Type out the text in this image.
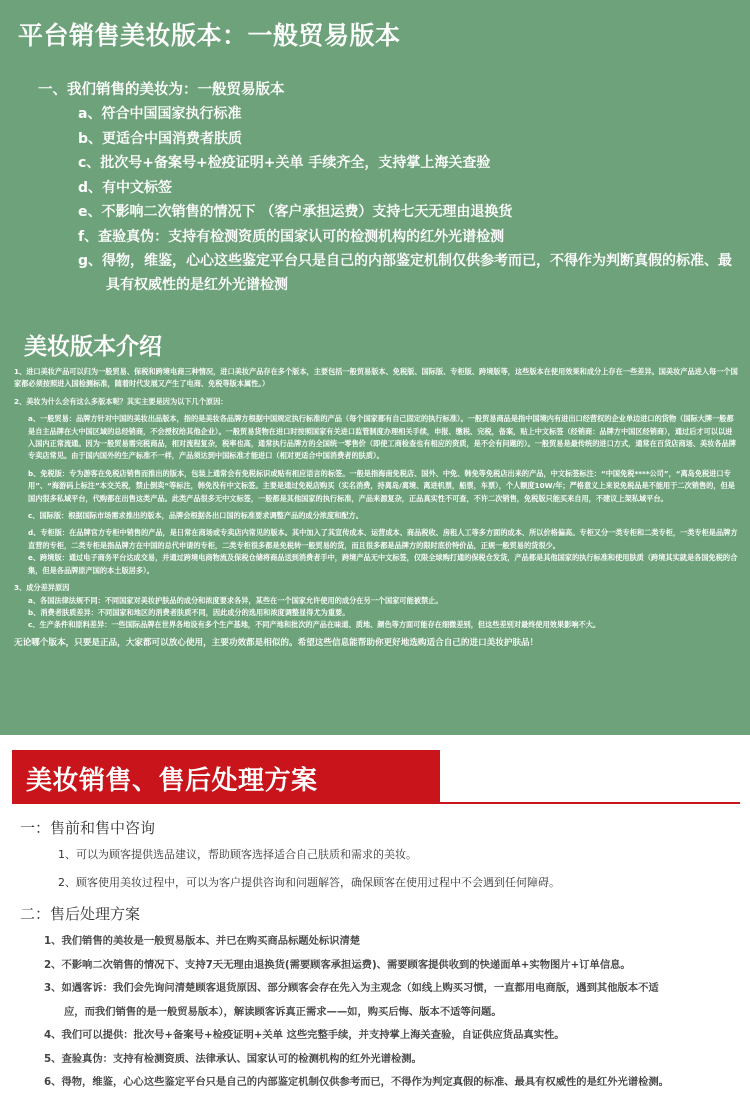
平台销售美妆版本：一般贸易版本
一、我们销售的美妆为：一般贸易版本
a、符合中国国家执行标准
b、更适合中国消费者肤质
c、批次号+备案号+检疫证明+关单 手续齐全，支持掌上海关查验
d、有中文标签
e、不影响二次销售的情况下 （客户承担运费）支持七天无理由退换货
f、查验真伪：支持有检测资质的国家认可的检测机构的红外光谱检测
g、得物，维鉴，心心这些鉴定平台只是自己的内部鉴定机制仅供参考而已，不得作为判断真假的标准、最具有权威性的是红外光谱检测
美妆版本介绍

1、进口美妆产品可以归为一般贸易、保税和跨境电商三种情况，进口美妆产品存在多个版本，主要包括一般贸易版本、免税版、国际版、专柜版、跨境版等，这些版本在使用效果和成分上存在一些差异。国美妆产品进入每一个国家都必须按照进入国检测标准，随着时代发展又产生了电商、免税等版本属性。）

2、美妆为什么会有这么多版本呢？其实主要是因为以下几个原因：

a、一般贸易：品牌方针对中国的美妆出品版本，指的是美妆各品牌方根据中国规定执行标准的产品（每个国家都有自己固定的执行标准）。一般贸易商品是指中国境内有进出口经营权的企业单边进口的货物（国际大牌一般都是自主品牌在大中国区域的总经销商，不会授权给其他企业）。一般贸易货物在进口时按照国家有关进口监管制度办理相关手续，申报、缴税、完税，备案，贴上中文标签（经销商：品牌方中国区经销商），通过后才可以以进入国内正常流通。因为一般贸易需完税商品，相对流程复杂，税率也高，通常执行品牌方的全国统一零售价（即使工商检查也有相应的资质，是不会有问题的）。一般贸易是最传统的进口方式，通常在百货店商场、美妆各品牌专卖店常见。由于国内国外的生产标准不一样，产品须达到中国标准才能进口（相对更适合中国消费者的肤质）。

b、免税版：专为游客在免税店销售而推出的版本，包装上通常会有免税标识或贴有相应语言的标签。一般是指海南免税店、国外、中免、韩免等免税店出来的产品，中文标签标注：“中国免税****公司”，“离岛免税进口专用”、“海游码上标注”本交关税，禁止倒卖“等标注，韩免没有中文标签。主要是通过免税店购买（实名消费，持离岛/离境、离进机票，船票，车票），个人额度10W/年；严格意义上来说免税品是不能用于二次销售的，但是国内很多私域平台，代购都在出售这类产品。此类产品很多无中文标签，一般都是其他国家的执行标准，产品来源复杂，正品真实性不可查，不许二次销售，免税版只能买来自用，不建议上架私域平台。

c、国际版：根据国际市场需求推出的版本，品牌会根据各出口国的标准要求调整产品的成分浓度和配方。

d、专柜版：在品牌官方专柜中销售的产品，是日常在商场或专卖店内常见的版本。其中加入了其宣传成本、运营成本、商品税收、房租人工等多方面的成本、所以价格偏高。专柜又分一类专柜和二类专柜，一类专柜是品牌方直营的专柜，二类专柜是指品牌方在中国的总代申请的专柜，二类专柜很多都是免税转一般贸易的货，而且很多都是品牌方的限时底价特价品，正规一般贸易的货很少。

e、跨境版：通过电子商务平台达成交易，并通过跨境电商物流及保税仓储将商品送到消费者手中，跨境产品无中文标签，仅限全球购打通的保税仓发货，产品都是其他国家的执行标准和使用肤质（跨境其实就是各国免税的合集，但是各品牌原产国的本土版居多）。

3、成分差异原因

a、各国法律法规不同：不同国家对美妆护肤品的成分和浓度要求各异，某些在一个国家允许使用的成分在另一个国家可能被禁止。

b、消费者肤质差异：不同国家和地区的消费者肤质不同，因此成分的选用和浓度调整显得尤为重要。

c、生产条件和原料差异：一些国际品牌在世界各地设有多个生产基地，不同产地和批次的产品在味道、质地、颜色等方面可能存在细微差别，但这些差别对最终使用效果影响不大。

无论哪个版本，只要是正品，大家都可以放心使用，主要功效都是相似的。希望这些信息能帮助你更好地选购适合自己的进口美妆护肤品！

美妆销售、售后处理方案
一：售前和售中咨询
1、可以为顾客提供选品建议，帮助顾客选择适合自己肤质和需求的美妆。
2、顾客使用美妆过程中，可以为客户提供咨询和问题解答，确保顾客在使用过程中不会遇到任何障碍。
二：售后处理方案

1、我们销售的美妆是一般贸易版本、并已在购买商品标题处标识清楚

2、不影响二次销售的情况下、支持7天无理由退换货(需要顾客承担运费)、需要顾客提供收到的快递面单+实物图片+订单信息。

3、如遇客诉：我们会先询问清楚顾客退货原因、部分顾客会存在先入为主观念（如线上购买习惯，一直都用电商版，遇到其他版本不适

应，而我们销售的是一般贸易版本），解读顾客诉真正需求——如，购买后悔、版本不适等问题。

4、我们可以提供：批次号+备案号+检疫证明+关单 这些完整手续，并支持掌上海关查验，自证供应货品真实性。

5、查验真伪：支持有检测资质、法律承认、国家认可的检测机构的红外光谱检测。

6、得物，维鉴，心心这些鉴定平台只是自己的内部鉴定机制仅供参考而已，不得作为判定真假的标准、最具有权威性的是红外光谱检测。
